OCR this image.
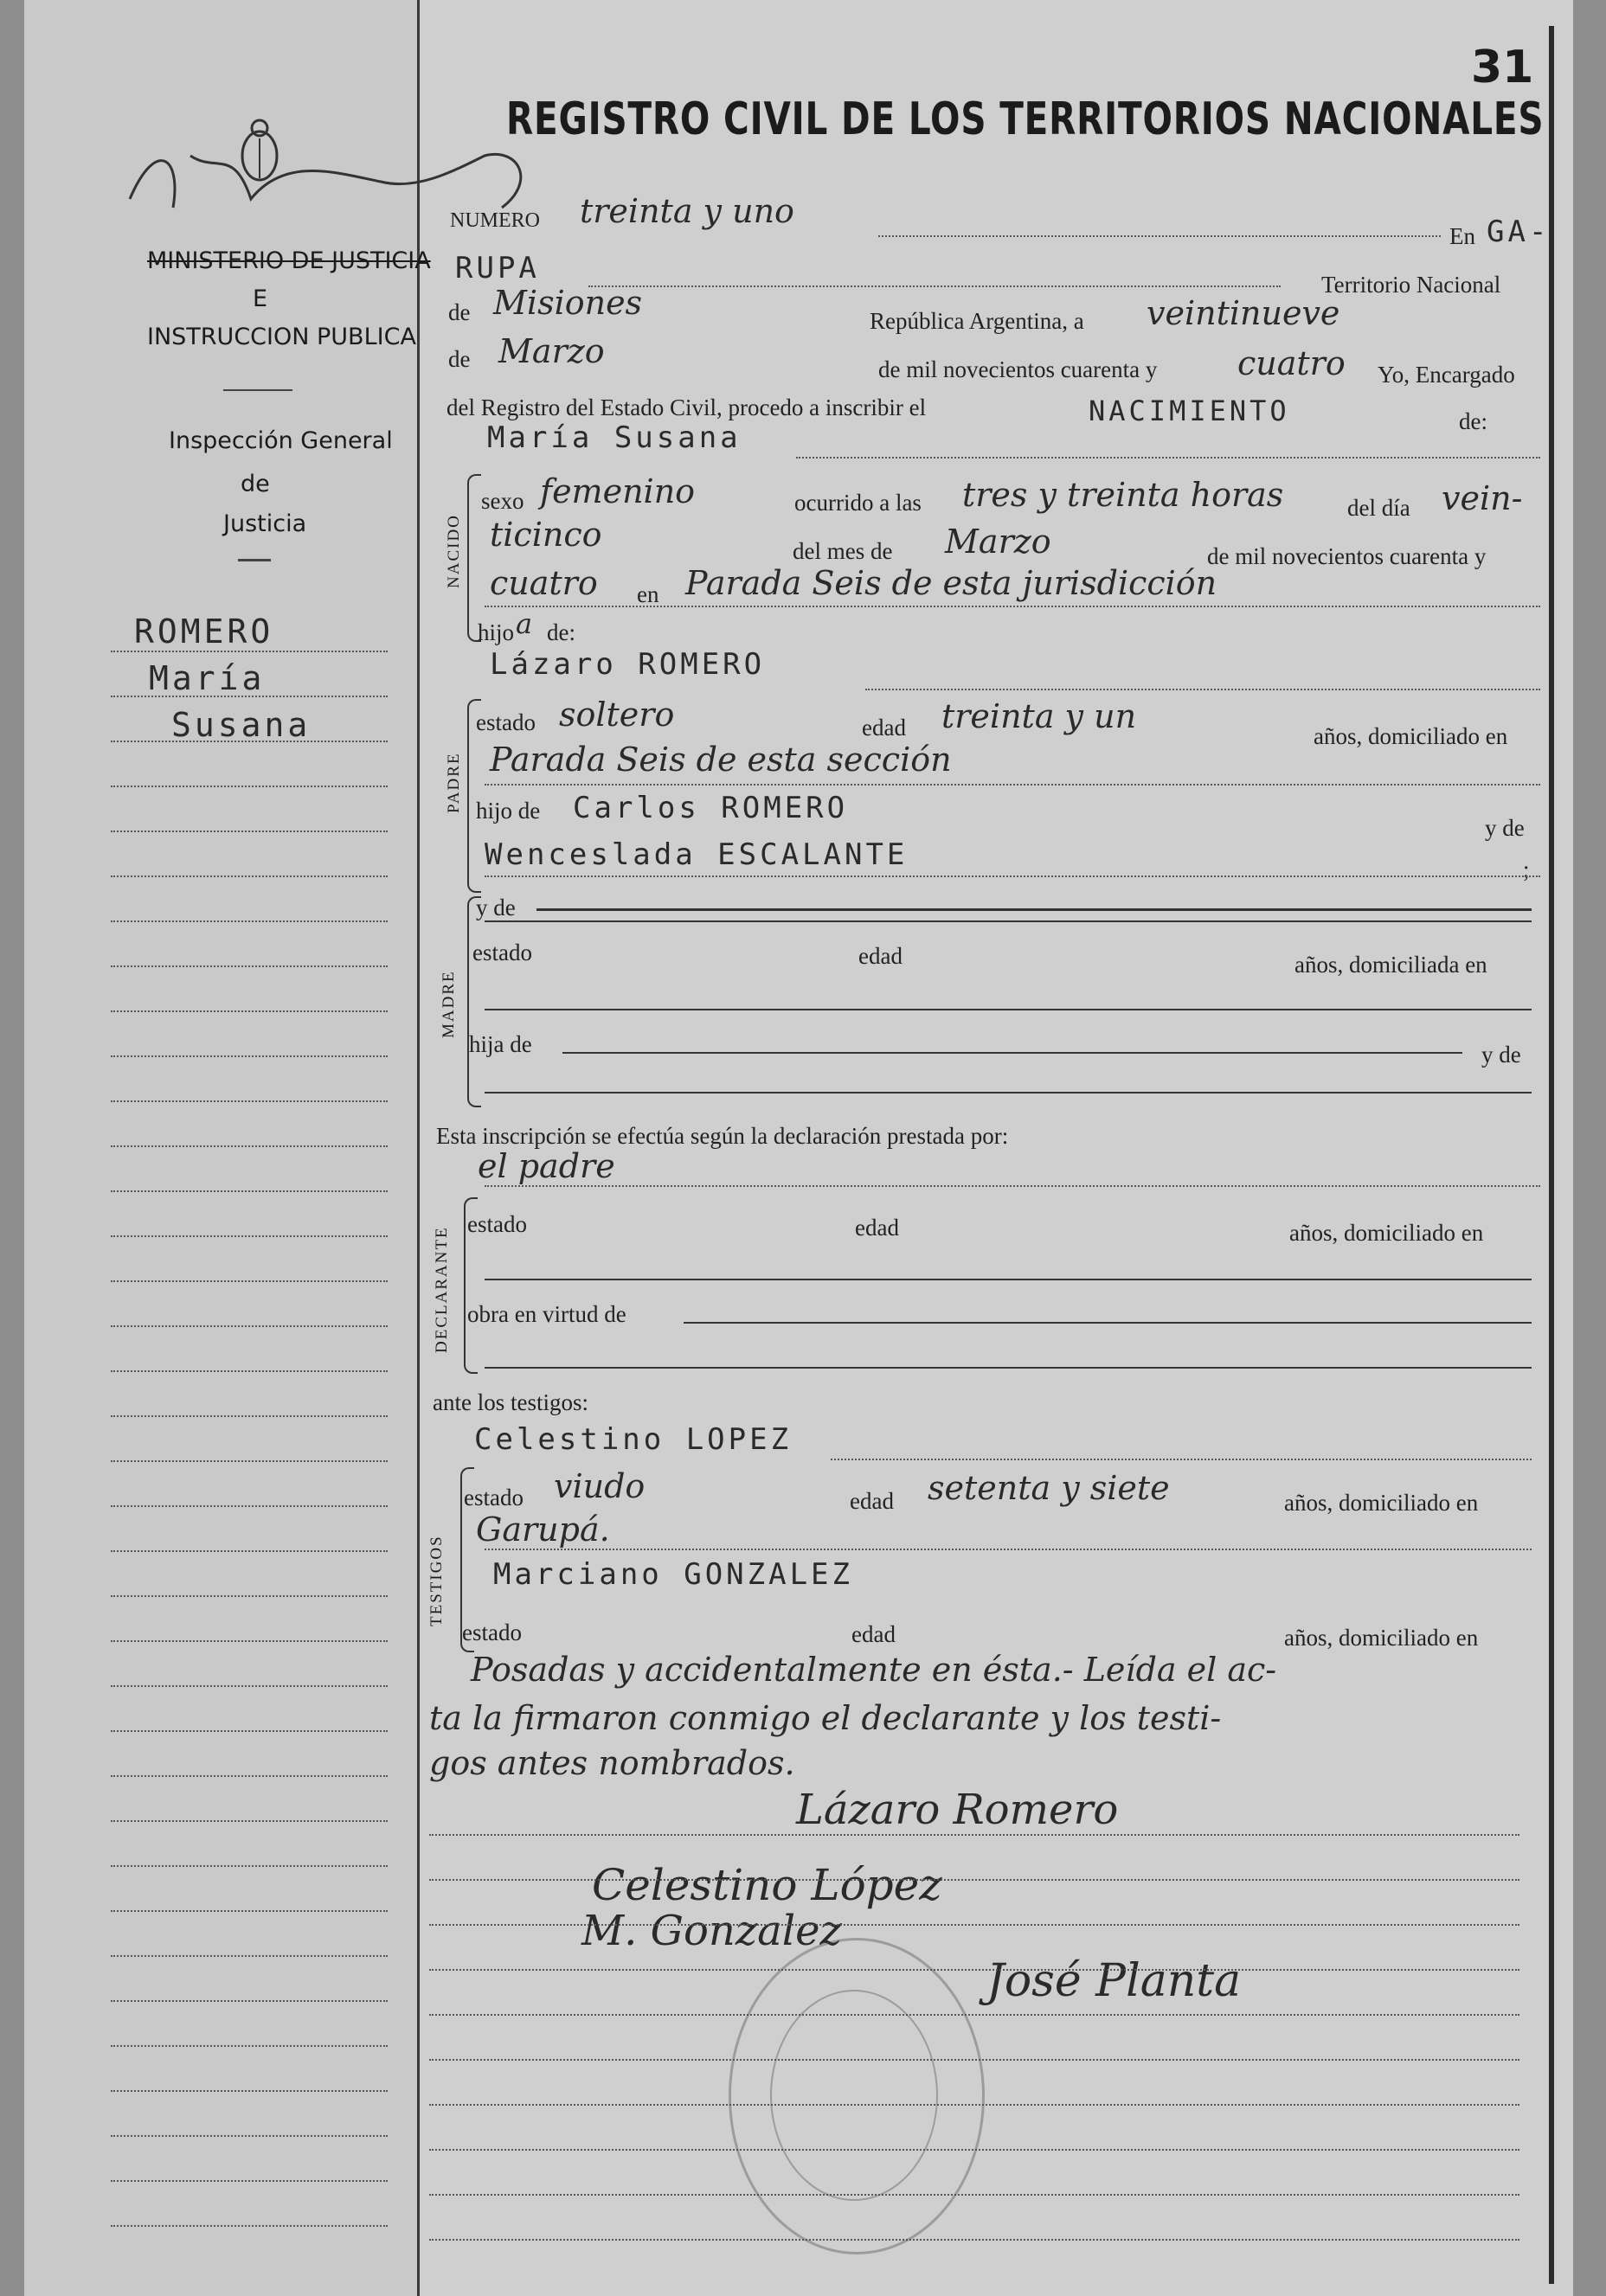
31
REGISTRO CIVIL DE LOS TERRITORIOS NACIONALES
MINISTERIO DE JUSTICIA
E
INSTRUCCION PUBLICA
Inspección General
de
Justicia
ROMERO
María
Susana
NUMERO treinta y uno
En GA-
RUPA	Territorio Nacional
de Misiones	República Argentina, a veintinueve
de Marzo	de mil novecientos cuarenta y cuatro Yo, Encargado
del Registro del Estado Civil, procedo a inscribir el	NACIMIENTO	de:
María Susana
NACIDO
sexo femenino	ocurrido a las tres y treinta horas	del día vein-
ticinco	del mes de Marzo	de mil novecientos cuarenta y
cuatro en Parada Seis de esta jurisdicción
hijo a de:
Lázaro ROMERO
PADRE
estado soltero	edad treinta y un
años, domiciliado en
Parada Seis de esta sección
hijo de Carlos ROMERO
y de
Wenceslada ESCALANTE	;
MADRE
y de
estado	edad	años, domiciliada en
hija de	y de
Esta inscripción se efectúa según la declaración prestada por:
el padre
DECLARANTE
estado	edad	años, domiciliado en
obra en virtud de
ante los testigos:
Celestino LOPEZ
TESTIGOS
estado viudo	edad setenta y siete	años, domiciliado en
Garupá.
Marciano GONZALEZ
estado	edad	años, domiciliado en
Posadas y accidentalmente en ésta.- Leída el ac-
ta la firmaron conmigo el declarante y los testi-
gos antes nombrados.
Lázaro Romero
Celestino López
M. Gonzalez
José Planta
